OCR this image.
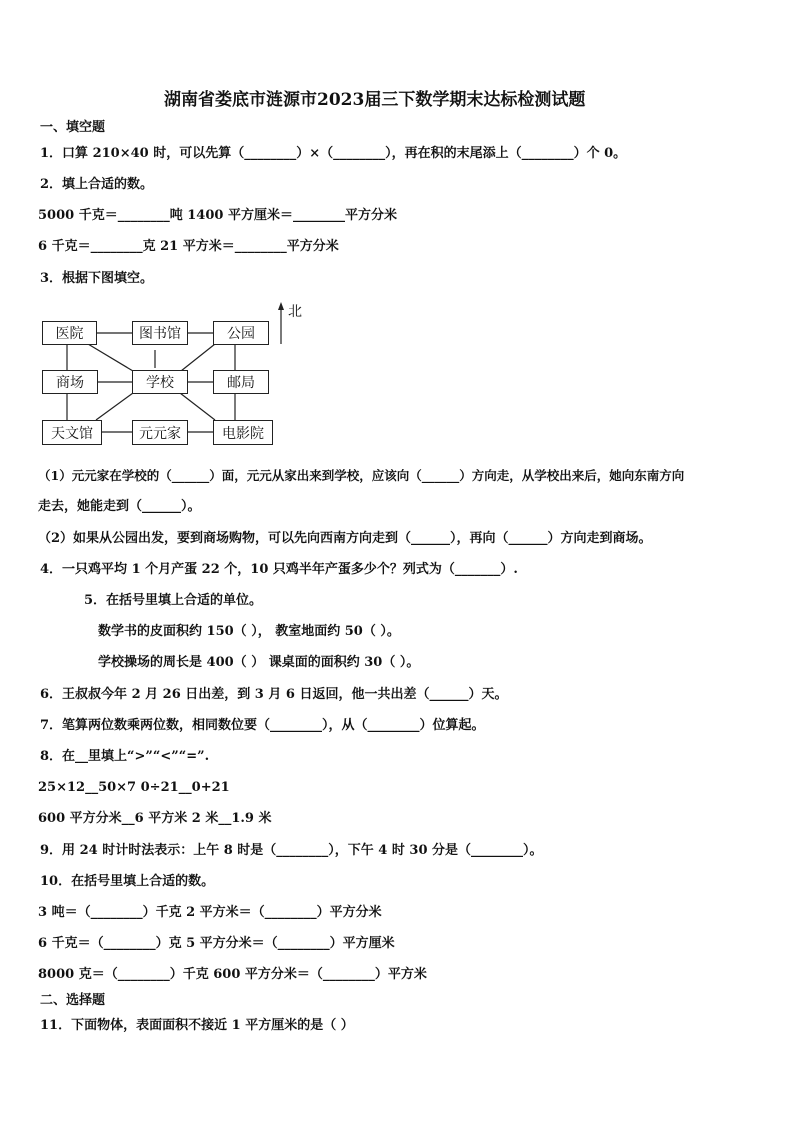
湖南省娄底市涟源市2023届三下数学期末达标检测试题
一、填空题
1．口算 210×40 时，可以先算（________）×（________），再在积的末尾添上（________）个 0。
2．填上合适的数。
5000 千克＝________吨 1400 平方厘米＝________平方分米
6 千克＝________克 21 平方米＝________平方分米
3．根据下图填空。
北
医院	图书馆	公园
商场	学校	邮局
天文馆	元元家	电影院
（1）元元家在学校的（______）面，元元从家出来到学校，应该向（______）方向走，从学校出来后，她向东南方向
走去，她能走到（______）。
（2）如果从公园出发，要到商场购物，可以先向西南方向走到（______），再向（______）方向走到商场。
4．一只鸡平均 1 个月产蛋 22 个，10 只鸡半年产蛋多少个？列式为（_______）.
5．在括号里填上合适的单位。
数学书的皮面积约 150（ ）， 教室地面约 50（ ）。
学校操场的周长是 400（ ） 课桌面的面积约 30（ ）。
6．王叔叔今年 2 月 26 日出差，到 3 月 6 日返回，他一共出差（______）天。
7．笔算两位数乘两位数，相同数位要（________），从（________）位算起。
8．在__里填上“>”“<”“=”.
25×12__50×7 0÷21__0+21
600 平方分米__6 平方米 2 米__1.9 米
9．用 24 时计时法表示：上午 8 时是（________），下午 4 时 30 分是（________）。
10．在括号里填上合适的数。
3 吨＝（________）千克 2 平方米＝（________）平方分米
6 千克＝（________）克 5 平方分米＝（________）平方厘米
8000 克＝（________）千克 600 平方分米＝（________）平方米
二、选择题
11．下面物体，表面面积不接近 1 平方厘米的是（ ）
